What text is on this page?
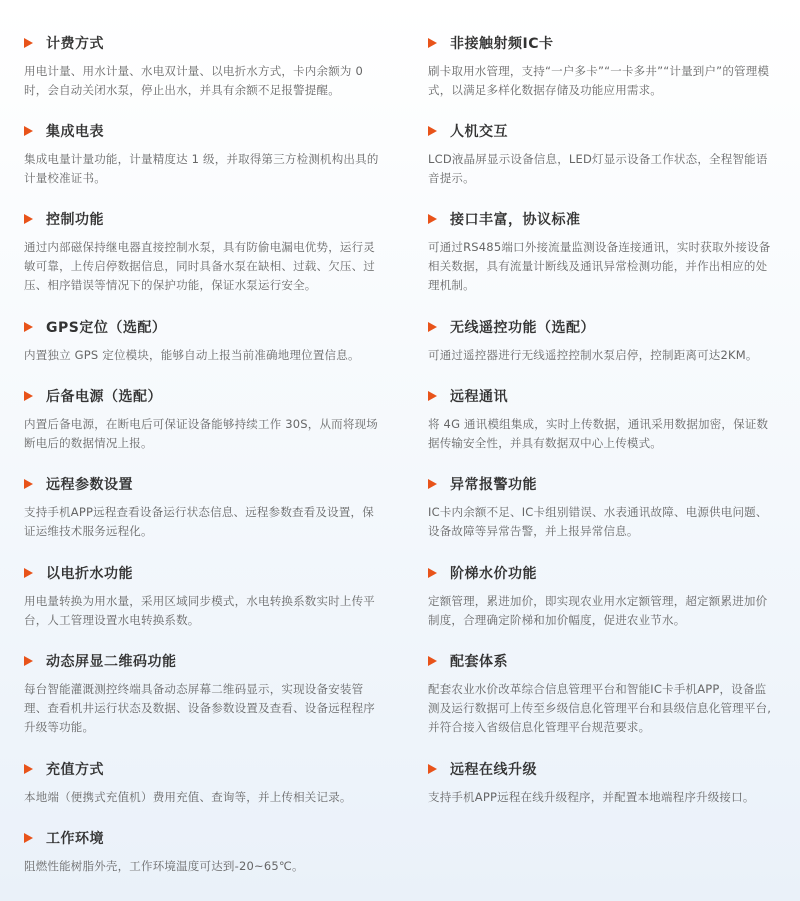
计费方式
用电计量、用水计量、水电双计量、以电折水方式，卡内余额为 0 时，会自动关闭水泵，停止出水，并具有余额不足报警提醒。
集成电表
集成电量计量功能，计量精度达 1 级，并取得第三方检测机构出具的计量校准证书。
控制功能
通过内部磁保持继电器直接控制水泵，具有防偷电漏电优势，运行灵敏可靠，上传启停数据信息，同时具备水泵在缺相、过载、欠压、过压、相序错误等情况下的保护功能，保证水泵运行安全。
GPS定位（选配）
内置独立 GPS 定位模块，能够自动上报当前准确地理位置信息。
后备电源（选配）
内置后备电源，在断电后可保证设备能够持续工作 30S，从而将现场断电后的数据情况上报。
远程参数设置
支持手机APP远程查看设备运行状态信息、远程参数查看及设置，保证运维技术服务远程化。
以电折水功能
用电量转换为用水量，采用区域同步模式，水电转换系数实时上传平台，人工管理设置水电转换系数。
动态屏显二维码功能
每台智能灌溉测控终端具备动态屏幕二维码显示，实现设备安装管理、查看机井运行状态及数据、设备参数设置及查看、设备远程程序升级等功能。
充值方式
本地端（便携式充值机）费用充值、查询等，并上传相关记录。
工作环境
阻燃性能树脂外壳，工作环境温度可达到-20~65℃。
非接触射频IC卡
刷卡取用水管理，支持“一户多卡”“一卡多井”“计量到户”的管理模式，以满足多样化数据存储及功能应用需求。
人机交互
LCD液晶屏显示设备信息，LED灯显示设备工作状态，全程智能语音提示。
接口丰富，协议标准
可通过RS485端口外接流量监测设备连接通讯，实时获取外接设备相关数据，具有流量计断线及通讯异常检测功能，并作出相应的处理机制。
无线遥控功能（选配）
可通过遥控器进行无线遥控控制水泵启停，控制距离可达2KM。
远程通讯
将 4G 通讯模组集成，实时上传数据，通讯采用数据加密，保证数据传输安全性，并具有数据双中心上传模式。
异常报警功能
IC卡内余额不足、IC卡组别错误、水表通讯故障、电源供电问题、设备故障等异常告警，并上报异常信息。
阶梯水价功能
定额管理，累进加价，即实现农业用水定额管理，超定额累进加价制度，合理确定阶梯和加价幅度，促进农业节水。
配套体系
配套农业水价改革综合信息管理平台和智能IC卡手机APP，设备监测及运行数据可上传至乡级信息化管理平台和县级信息化管理平台,并符合接入省级信息化管理平台规范要求。
远程在线升级
支持手机APP远程在线升级程序，并配置本地端程序升级接口。
